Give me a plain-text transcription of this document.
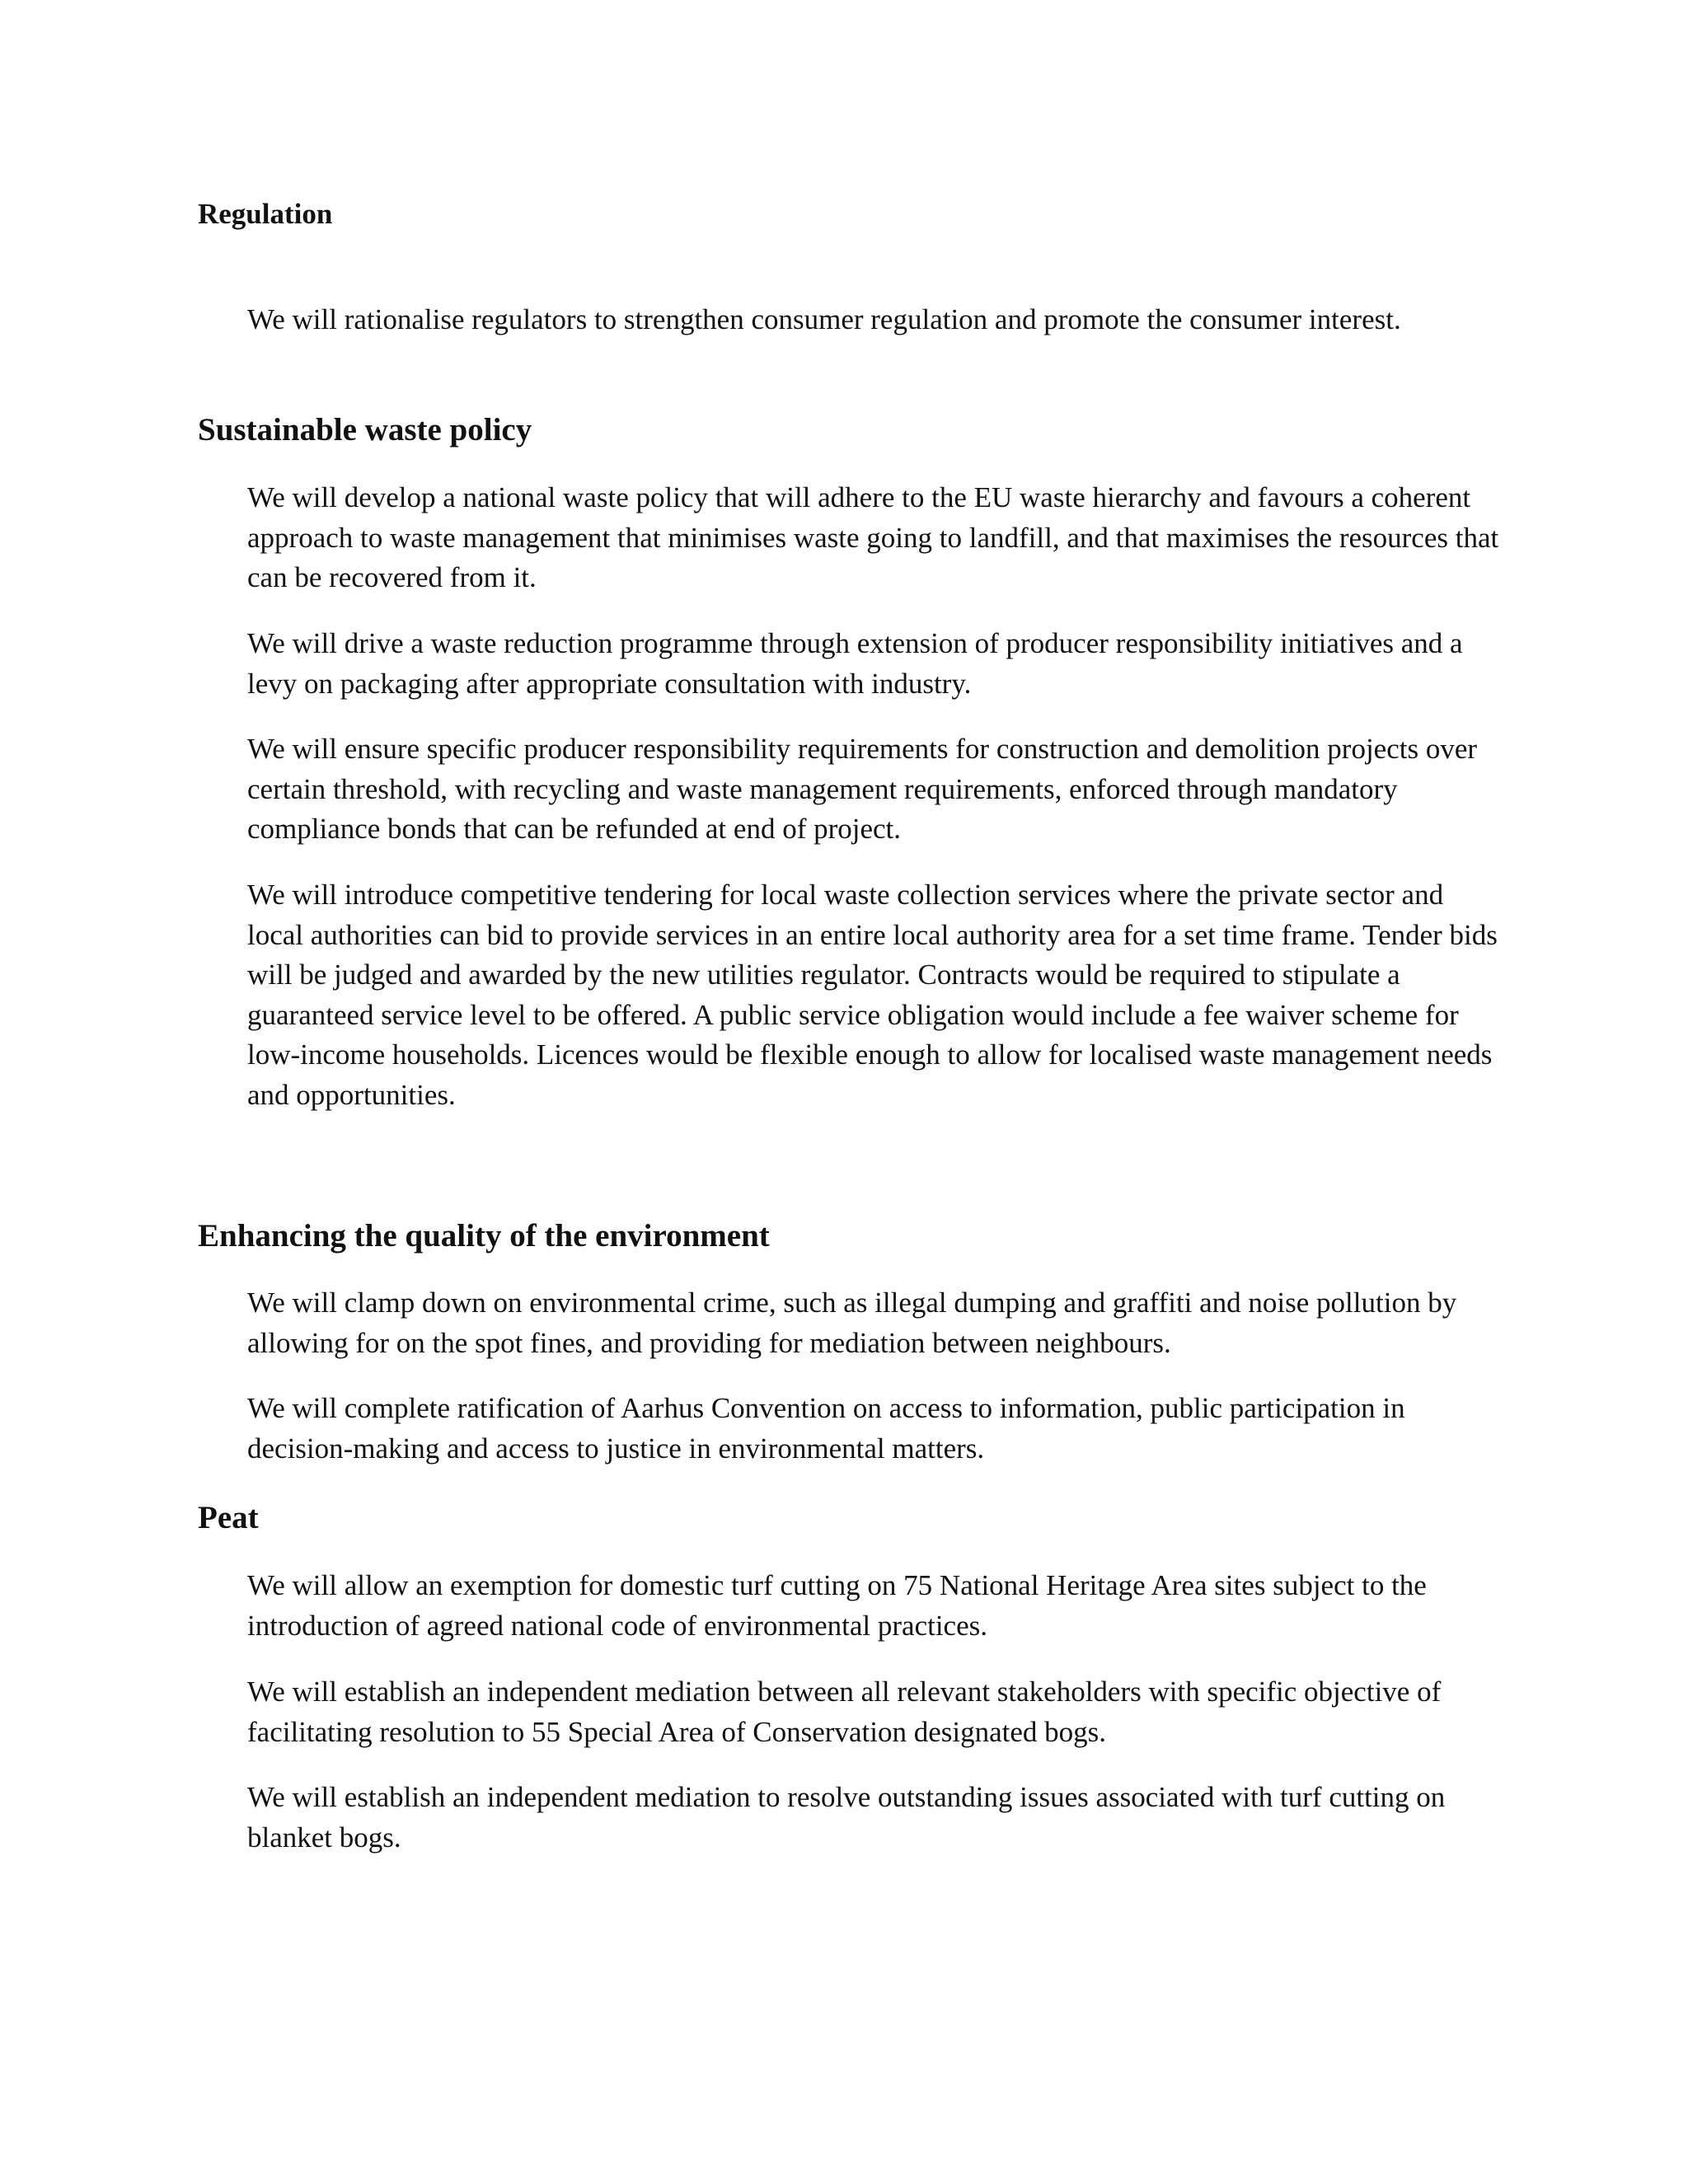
Regulation

We will rationalise regulators to strengthen consumer regulation and promote the consumer interest.

Sustainable waste policy

We will develop a national waste policy that will adhere to the EU waste hierarchy and favours a coherent approach to waste management that minimises waste going to landfill, and that maximises the resources that can be recovered from it.

We will drive a waste reduction programme through extension of producer responsibility initiatives and a levy on packaging after appropriate consultation with industry.

We will ensure specific producer responsibility requirements for construction and demolition projects over certain threshold, with recycling and waste management requirements, enforced through mandatory compliance bonds that can be refunded at end of project.

We will introduce competitive tendering for local waste collection services where the private sector and local authorities can bid to provide services in an entire local authority area for a set time frame. Tender bids will be judged and awarded by the new utilities regulator. Contracts would be required to stipulate a guaranteed service level to be offered. A public service obligation would include a fee waiver scheme for low-income households. Licences would be flexible enough to allow for localised waste management needs and opportunities.

Enhancing the quality of the environment

We will clamp down on environmental crime, such as illegal dumping and graffiti and noise pollution by allowing for on the spot fines, and providing for mediation between neighbours.

We will complete ratification of Aarhus Convention on access to information, public participation in decision-making and access to justice in environmental matters.

Peat

We will allow an exemption for domestic turf cutting on 75 National Heritage Area sites subject to the introduction of agreed national code of environmental practices.

We will establish an independent mediation between all relevant stakeholders with specific objective of facilitating resolution to 55 Special Area of Conservation designated bogs.

We will establish an independent mediation to resolve outstanding issues associated with turf cutting on blanket bogs.
